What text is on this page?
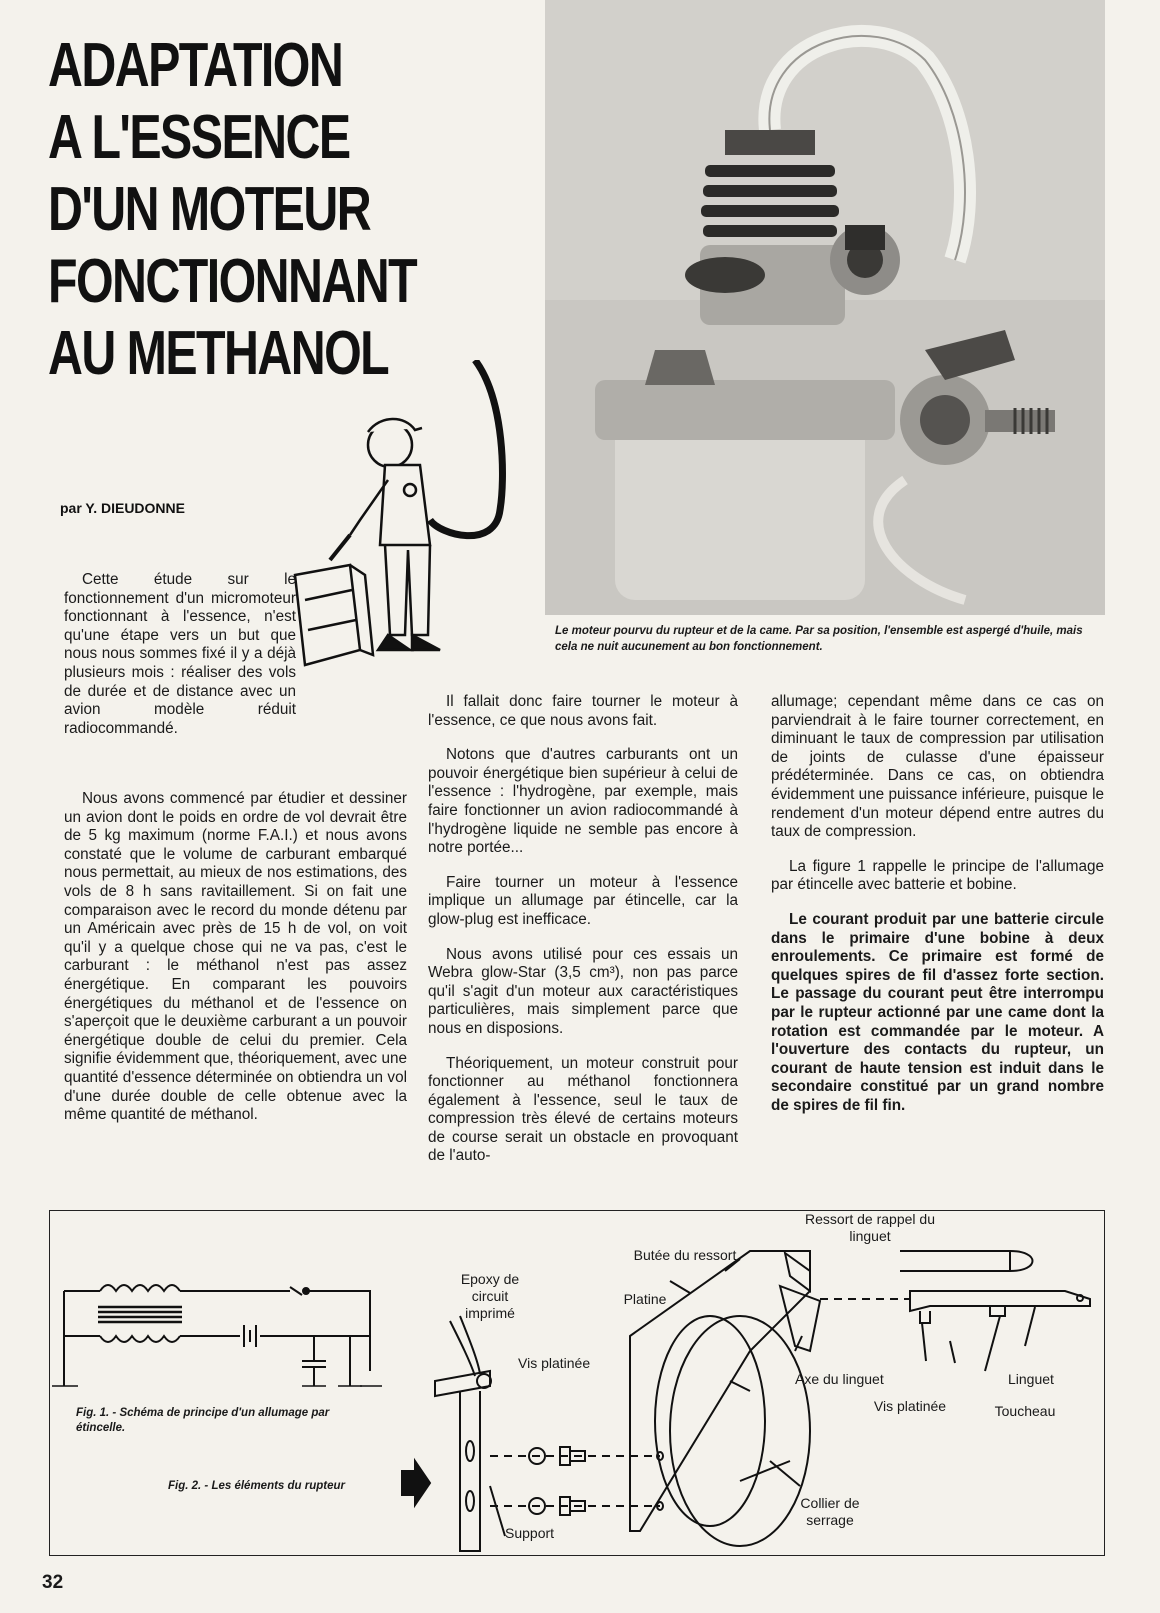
ADAPTATION
A L'ESSENCE
D'UN MOTEUR
FONCTIONNANT
AU METHANOL
par Y. DIEUDONNE
Le moteur pourvu du rupteur et de la came. Par sa position, l'ensemble est aspergé d'huile, mais cela ne nuit aucunement au bon fonctionnement.

Cette étude sur le fonctionnement d'un micromoteur fonctionnant à l'essence, n'est qu'une étape vers un but que nous nous sommes fixé il y a déjà plusieurs mois : réaliser des vols de durée et de distance avec un avion modèle réduit radiocommandé.

Nous avons commencé par étudier et dessiner un avion dont le poids en ordre de vol devrait être de 5 kg maximum (norme F.A.I.) et nous avons constaté que le volume de carburant embarqué nous permettait, au mieux de nos estimations, des vols de 8 h sans ravitaillement. Si on fait une comparaison avec le record du monde détenu par un Américain avec près de 15 h de vol, on voit qu'il y a quelque chose qui ne va pas, c'est le carburant : le méthanol n'est pas assez énergétique. En comparant les pouvoirs énergétiques du méthanol et de l'essence on s'aperçoit que le deuxième carburant a un pouvoir énergétique double de celui du premier. Cela signifie évidemment que, théoriquement, avec une quantité d'essence déterminée on obtiendra un vol d'une durée double de celle obtenue avec la même quantité de méthanol.

Il fallait donc faire tourner le moteur à l'essence, ce que nous avons fait.

Notons que d'autres carburants ont un pouvoir énergétique bien supérieur à celui de l'essence : l'hydrogène, par exemple, mais faire fonctionner un avion radiocommandé à l'hydrogène liquide ne semble pas encore à notre portée...

Faire tourner un moteur à l'essence implique un allumage par étincelle, car la glow-plug est inefficace.

Nous avons utilisé pour ces essais un Webra glow-Star (3,5 cm³), non pas parce qu'il s'agit d'un moteur aux caractéristiques particulières, mais simplement parce que nous en disposions.

Théoriquement, un moteur construit pour fonctionner au méthanol fonctionnera également à l'essence, seul le taux de compression très élevé de certains moteurs de course serait un obstacle en provoquant de l'auto-

allumage; cependant même dans ce cas on parviendrait à le faire tourner correctement, en diminuant le taux de compression par utilisation de joints de culasse d'une épaisseur prédéterminée. Dans ce cas, on obtiendra évidemment une puissance inférieure, puisque le rendement d'un moteur dépend entre autres du taux de compression.

La figure 1 rappelle le principe de l'allumage par étincelle avec batterie et bobine.

Le courant produit par une batterie circule dans le primaire d'une bobine à deux enroulements. Ce primaire est formé de quelques spires de fil d'assez forte section. Le passage du courant peut être interrompu par le rupteur actionné par une came dont la rotation est commandée par le moteur. A l'ouverture des contacts du rupteur, un courant de haute tension est induit dans le secondaire constitué par un grand nombre de spires de fil fin.

Fig. 1. - Schéma de principe d'un allumage par étincelle.
Fig. 2. - Les éléments du rupteur
Epoxy de circuit imprimé
Vis platinée
Support
Butée du ressort
Platine
Ressort de rappel du linguet
Axe du linguet	Linguet
Vis platinée	Toucheau
Collier de serrage
32
